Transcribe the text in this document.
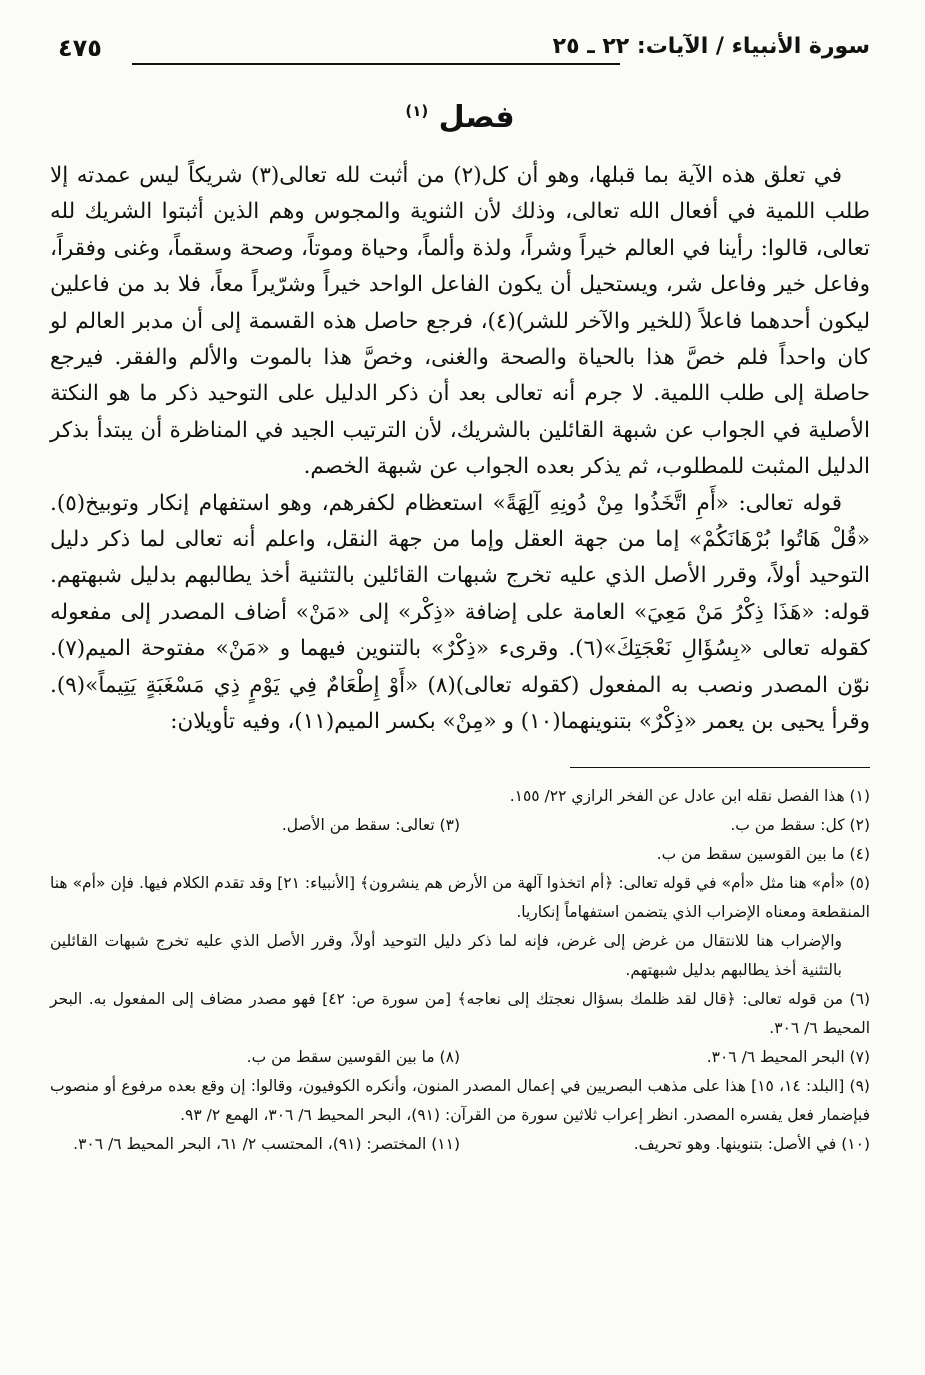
سورة الأنبياء / الآيات: ٢٢ ـ ٢٥
٤٧٥
فصل $^{(١)}$

في تعلق هذه الآية بما قبلها، وهو أن كل(٢) من أثبت لله تعالى(٣) شريكاً ليس عمدته إلا طلب اللمية في أفعال الله تعالى، وذلك لأن الثنوية والمجوس وهم الذين أثبتوا الشريك لله تعالى، قالوا: رأينا في العالم خيراً وشراً، ولذة وألماً، وحياة وموتاً، وصحة وسقماً، وغنى وفقراً، وفاعل خير وفاعل شر، ويستحيل أن يكون الفاعل الواحد خيراً وشرّيراً معاً، فلا بد من فاعلين ليكون أحدهما فاعلاً (للخير والآخر للشر)(٤)، فرجع حاصل هذه القسمة إلى أن مدبر العالم لو كان واحداً فلم خصَّ هذا بالحياة والصحة والغنى، وخصَّ هذا بالموت والألم والفقر. فيرجع حاصلة إلى طلب اللمية. لا جرم أنه تعالى بعد أن ذكر الدليل على التوحيد ذكر ما هو النكتة الأصلية في الجواب عن شبهة القائلين بالشريك، لأن الترتيب الجيد في المناظرة أن يبتدأ بذكر الدليل المثبت للمطلوب، ثم يذكر بعده الجواب عن شبهة الخصم.

قوله تعالى: «أَمِ اتَّخَذُوا مِنْ دُونِهِ آلِهَةً» استعظام لكفرهم، وهو استفهام إنكار وتوبيخ(٥). «قُلْ هَاتُوا بُرْهَانَكُمْ» إما من جهة العقل وإما من جهة النقل، واعلم أنه تعالى لما ذكر دليل التوحيد أولاً، وقرر الأصل الذي عليه تخرج شبهات القائلين بالتثنية أخذ يطالبهم بدليل شبهتهم. قوله: «هَذَا ذِكْرُ مَنْ مَعِيَ» العامة على إضافة «ذِكْر» إلى «مَنْ» أضاف المصدر إلى مفعوله كقوله تعالى «بِسُؤَالِ نَعْجَتِكَ»(٦). وقرىء «ذِكْرٌ» بالتنوين فيهما و «مَنْ» مفتوحة الميم(٧). نوّن المصدر ونصب به المفعول (كقوله تعالى)(٨) «أَوْ إِطْعَامٌ فِي يَوْمٍ ذِي مَسْغَبَةٍ يَتِيماً»(٩). وقرأ يحيى بن يعمر «ذِكْرٌ» بتنوينهما(١٠) و «مِنْ» بكسر الميم(١١)، وفيه تأويلان:

(١) هذا الفصل نقله ابن عادل عن الفخر الرازي ٢٢/ ١٥٥.

(٢) كل: سقط من ب.

(٣) تعالى: سقط من الأصل.

(٤) ما بين القوسين سقط من ب.

(٥) «أم» هنا مثل «أم» في قوله تعالى: ﴿أم اتخذوا آلهة من الأرض هم ينشرون﴾ [الأنبياء: ٢١] وقد تقدم الكلام فيها. فإن «أم» هنا المنقطعة ومعناه الإضراب الذي يتضمن استفهاماً إنكاريا.

والإضراب هنا للانتقال من غرض إلى غرض، فإنه لما ذكر دليل التوحيد أولاً، وقرر الأصل الذي عليه تخرج شبهات القائلين بالتثنية أخذ يطالبهم بدليل شبهتهم.

(٦) من قوله تعالى: ﴿قال لقد ظلمك بسؤال نعجتك إلى نعاجه﴾ [من سورة ص: ٤٢] فهو مصدر مضاف إلى المفعول به. البحر المحيط ٦/ ٣٠٦.

(٧) البحر المحيط ٦/ ٣٠٦.

(٨) ما بين القوسين سقط من ب.

(٩) [البلد: ١٤، ١٥] هذا على مذهب البصريين في إعمال المصدر المنون، وأنكره الكوفيون، وقالوا: إن وقع بعده مرفوع أو منصوب فبإضمار فعل يفسره المصدر. انظر إعراب ثلاثين سورة من القرآن: (٩١)، البحر المحيط ٦/ ٣٠٦، الهمع ٢/ ٩٣.

(١٠) في الأصل: بتنوينها. وهو تحريف.

(١١) المختصر: (٩١)، المحتسب ٢/ ٦١، البحر المحيط ٦/ ٣٠٦.
